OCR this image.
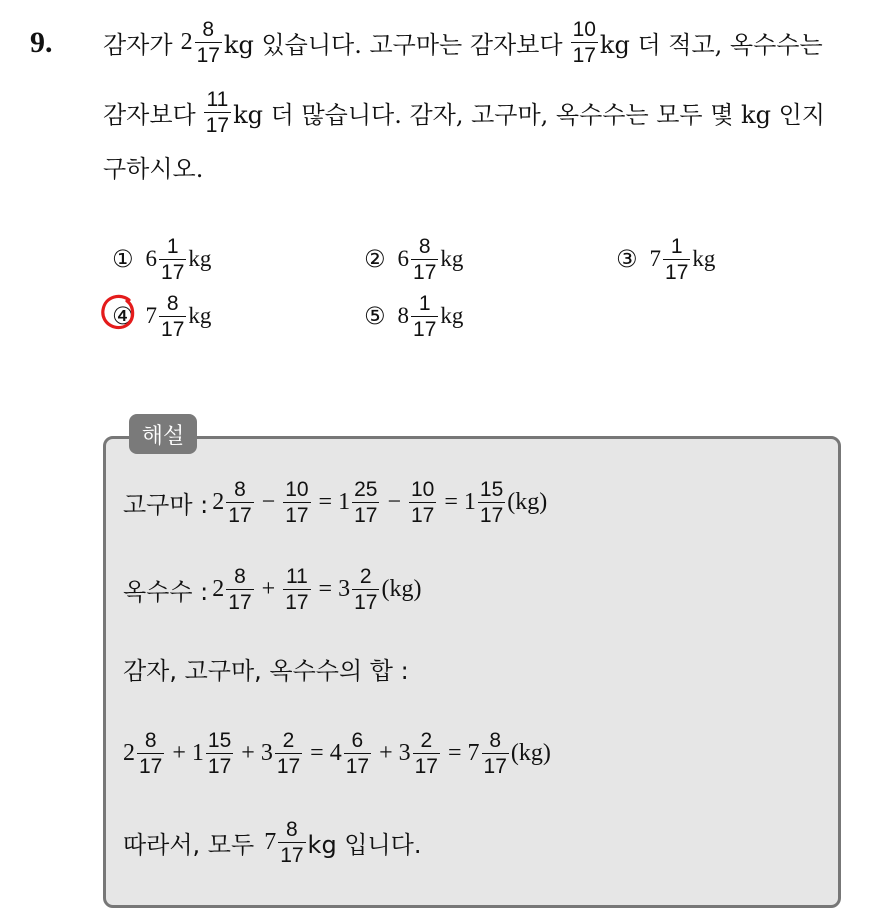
9. 감자가 $2 \frac{8}{17}$ kg 있습니다. 고구마는 감자보다 $\frac{10}{17}$ kg 더 적고, 옥수수는
감자보다 $\frac{11}{17}$ kg 더 많습니다. 감자, 고구마, 옥수수는 모두 몇 kg 인지
구하시오.
① $6 \frac{1}{17}$ kg	② $6 \frac{8}{17}$ kg	③ $7 \frac{1}{17}$ kg
④ $7 \frac{8}{17}$ kg	⑤ $8 \frac{1}{17}$ kg
해설
고구마 : $2 \frac{8}{17} - \frac{10}{17} = 1 \frac{25}{17} - \frac{10}{17} = 1 \frac{15}{17} (kg)$
옥수수 : $2 \frac{8}{17} + \frac{11}{17} = 3 \frac{2}{17} (kg)$
감자, 고구마, 옥수수의 합 :
$2 \frac{8}{17} + 1 \frac{15}{17} + 3 \frac{2}{17} = 4 \frac{6}{17} + 3 \frac{2}{17} = 7 \frac{8}{17} (kg)$
따라서, 모두 $7 \frac{8}{17}$ kg 입니다.
